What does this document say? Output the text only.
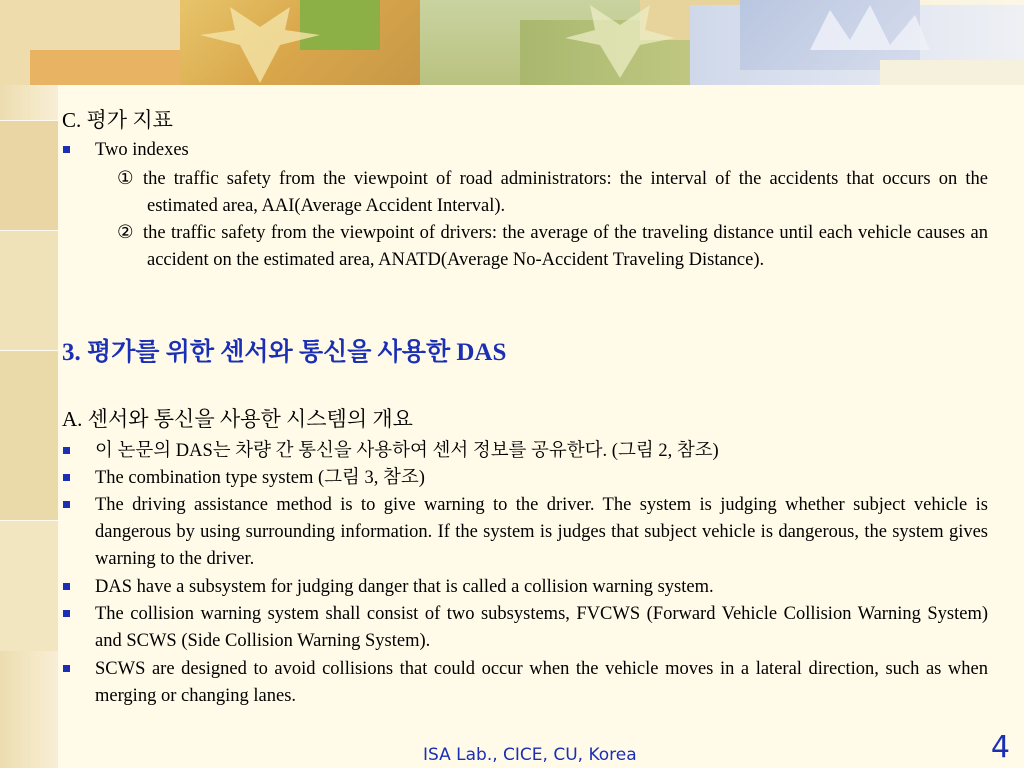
C. 평가 지표
Two indexes
① the traffic safety from the viewpoint of road administrators: the interval of the accidents that occurs on the estimated area, AAI(Average Accident Interval).
② the traffic safety from the viewpoint of drivers: the average of the traveling distance until each vehicle causes an accident on the estimated area, ANATD(Average No-Accident Traveling Distance).
3. 평가를 위한 센서와 통신을 사용한 DAS
A. 센서와 통신을 사용한 시스템의 개요
이 논문의 DAS는 차량 간 통신을 사용하여 센서 정보를 공유한다. (그림 2, 참조)
The combination type system (그림 3, 참조)
The driving assistance method is to give warning to the driver. The system is judging whether subject vehicle is dangerous by using surrounding information. If the system is judges that subject vehicle is dangerous, the system gives warning to the driver.
DAS have a subsystem for judging danger that is called a collision warning system.
The collision warning system shall consist of two subsystems, FVCWS (Forward Vehicle Collision Warning System) and SCWS (Side Collision Warning System).
SCWS are designed to avoid collisions that could occur when the vehicle moves in a lateral direction, such as when merging or changing lanes.
ISA Lab., CICE, CU, Korea	4
